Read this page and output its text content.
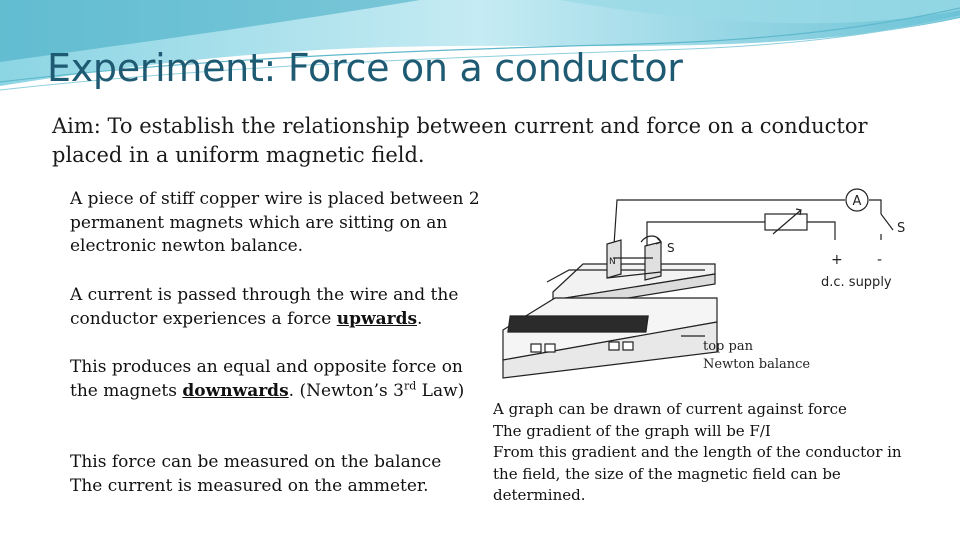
Experiment: Force on a conductor
Aim: To establish the relationship between current and force on a conductor placed in a uniform magnetic field.
A piece of stiff copper wire is placed between 2 permanent magnets which are sitting on an electronic newton balance.
A current is passed through the wire and the conductor experiences a force upwards.
This produces an equal and opposite force on the magnets downwards. (Newton’s 3rd Law)
This force can be measured on the balance
The current is measured on the ammeter.
A
S
N
S
+ -
d.c. supply
top pan
Newton balance
A graph can be drawn of current against force
The gradient of the graph will be F/I
From this gradient and the length of the conductor in the field, the size of the magnetic field can be determined.
